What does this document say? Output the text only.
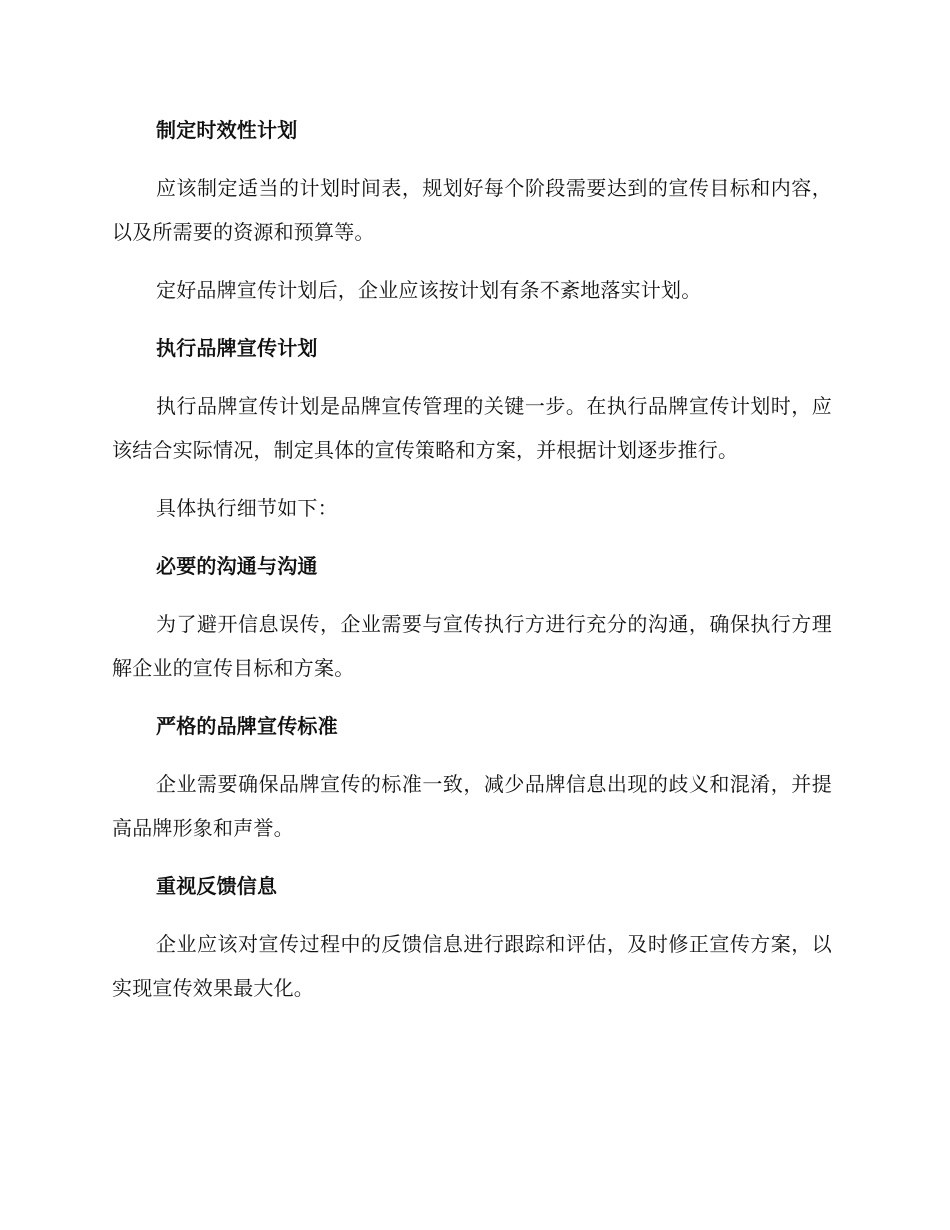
制定时效性计划

应该制定适当的计划时间表，规划好每个阶段需要达到的宣传目标和内容，以及所需要的资源和预算等。

定好品牌宣传计划后，企业应该按计划有条不紊地落实计划。

执行品牌宣传计划

执行品牌宣传计划是品牌宣传管理的关键一步。在执行品牌宣传计划时，应该结合实际情况，制定具体的宣传策略和方案，并根据计划逐步推行。

具体执行细节如下：

必要的沟通与沟通

为了避开信息误传，企业需要与宣传执行方进行充分的沟通，确保执行方理解企业的宣传目标和方案。

严格的品牌宣传标准

企业需要确保品牌宣传的标准一致，减少品牌信息出现的歧义和混淆，并提高品牌形象和声誉。

重视反馈信息

企业应该对宣传过程中的反馈信息进行跟踪和评估，及时修正宣传方案，以实现宣传效果最大化。
